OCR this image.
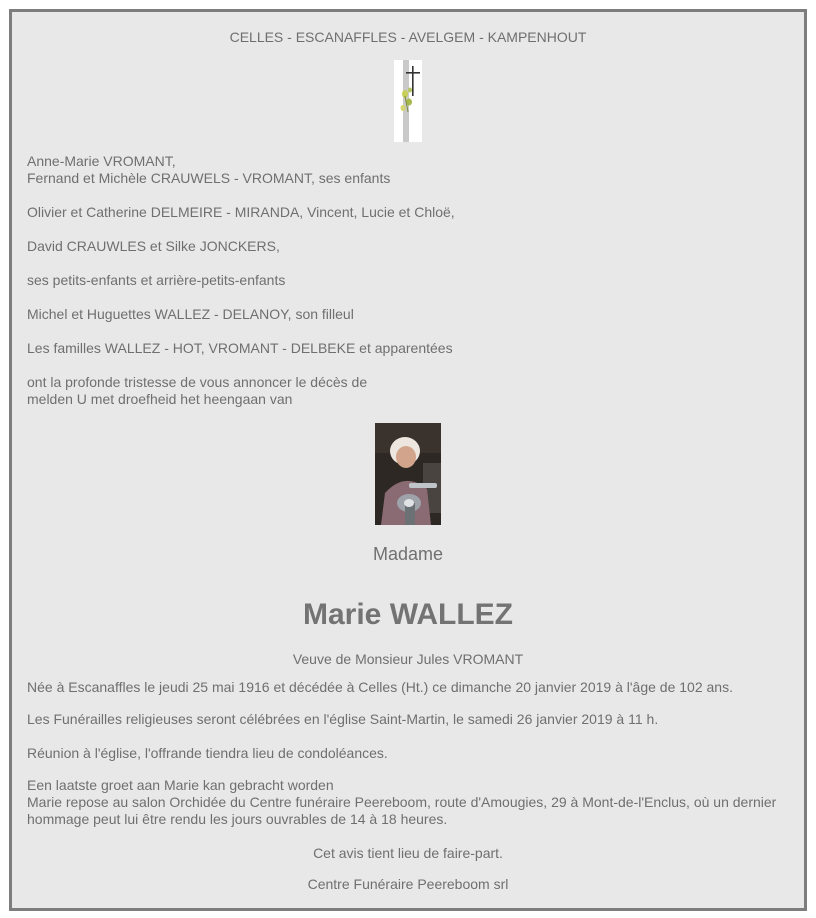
CELLES - ESCANAFFLES - AVELGEM - KAMPENHOUT
Anne-Marie VROMANT,
Fernand et Michèle CRAUWELS - VROMANT, ses enfants
Olivier et Catherine DELMEIRE - MIRANDA, Vincent, Lucie et Chloë,
David CRAUWLES et Silke JONCKERS,
ses petits-enfants et arrière-petits-enfants
Michel et Huguettes WALLEZ - DELANOY, son filleul
Les familles WALLEZ - HOT, VROMANT - DELBEKE et apparentées
ont la profonde tristesse de vous annoncer le décès de
melden U met droefheid het heengaan van
Madame
Marie WALLEZ
Veuve de Monsieur Jules VROMANT
Née à Escanaffles le jeudi 25 mai 1916 et décédée à Celles (Ht.) ce dimanche 20 janvier 2019 à l'âge de 102 ans.
Les Funérailles religieuses seront célébrées en l'église Saint-Martin, le samedi 26 janvier 2019 à 11 h.
Réunion à l'église, l'offrande tiendra lieu de condoléances.
Een laatste groet aan Marie kan gebracht worden
Marie repose au salon Orchidée du Centre funéraire Peereboom, route d'Amougies, 29 à Mont-de-l'Enclus, où un dernier hommage peut lui être rendu les jours ouvrables de 14 à 18 heures.
Cet avis tient lieu de faire-part.
Centre Funéraire Peereboom srl
